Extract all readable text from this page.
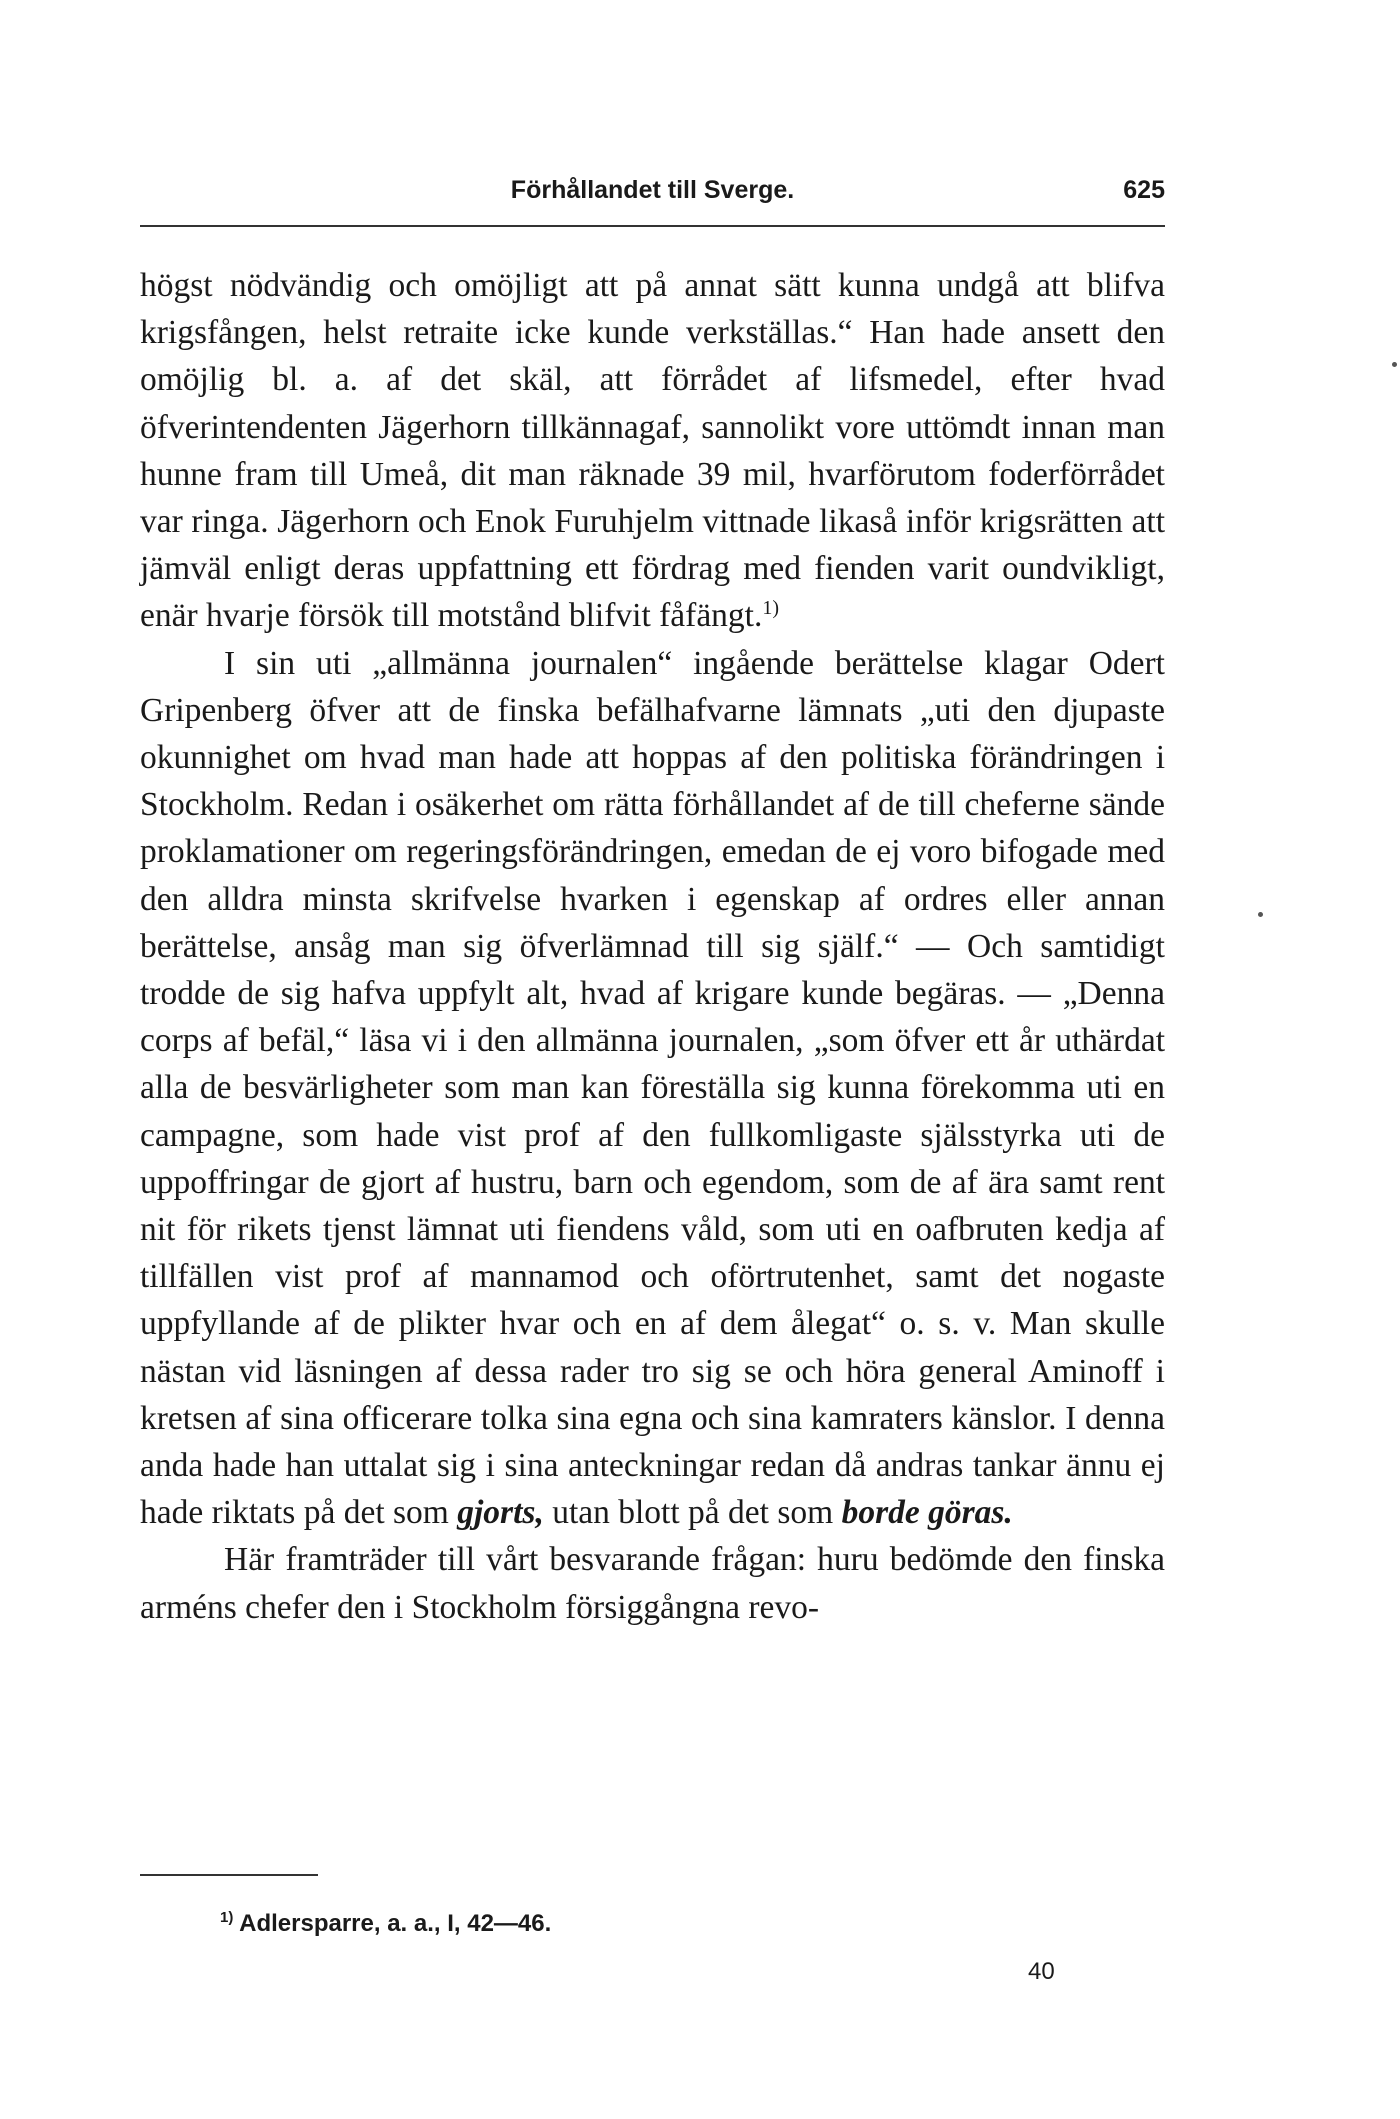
Förhållandet till Sverge.	625

högst nödvändig och omöjligt att på annat sätt kunna undgå att blifva krigsfången, helst retraite icke kunde verkställas.“ Han hade ansett den omöjlig bl. a. af det skäl, att förrådet af lifsmedel, efter hvad öfverintendenten Jägerhorn tillkännagaf, sannolikt vore uttömdt innan man hunne fram till Umeå, dit man räknade 39 mil, hvarförutom foderförrådet var ringa. Jägerhorn och Enok Furuhjelm vittnade likaså inför krigsrätten att jämväl enligt deras uppfattning ett fördrag med fienden varit oundvikligt, enär hvarje försök till motstånd blifvit fåfängt.$^{1)}$

I sin uti „allmänna journalen“ ingående berättelse klagar Odert Gripenberg öfver att de finska befälhafvarne lämnats „uti den djupaste okunnighet om hvad man hade att hoppas af den politiska förändringen i Stockholm. Redan i osäkerhet om rätta förhållandet af de till cheferne sände proklamationer om regeringsförändringen, emedan de ej voro bifogade med den alldra minsta skrifvelse hvarken i egenskap af ordres eller annan berättelse, ansåg man sig öfverlämnad till sig själf.“ — Och samtidigt trodde de sig hafva uppfylt alt, hvad af krigare kunde begäras. — „Denna corps af befäl,“ läsa vi i den allmänna journalen, „som öfver ett år uthärdat alla de besvärligheter som man kan föreställa sig kunna förekomma uti en campagne, som hade vist prof af den fullkomligaste själsstyrka uti de uppoffringar de gjort af hustru, barn och egendom, som de af ära samt rent nit för rikets tjenst lämnat uti fiendens våld, som uti en oafbruten kedja af tillfällen vist prof af mannamod och oförtrutenhet, samt det nogaste uppfyllande af de plikter hvar och en af dem ålegat“ o. s. v. Man skulle nästan vid läsningen af dessa rader tro sig se och höra general Aminoff i kretsen af sina officerare tolka sina egna och sina kamraters känslor. I denna anda hade han uttalat sig i sina anteckningar redan då andras tankar ännu ej hade riktats på det som gjorts, utan blott på det som borde göras.

Här framträder till vårt besvarande frågan: huru bedömde den finska arméns chefer den i Stockholm försiggångna revo-

$^{1)}$ Adlersparre, a. a., I, 42—46.
40
